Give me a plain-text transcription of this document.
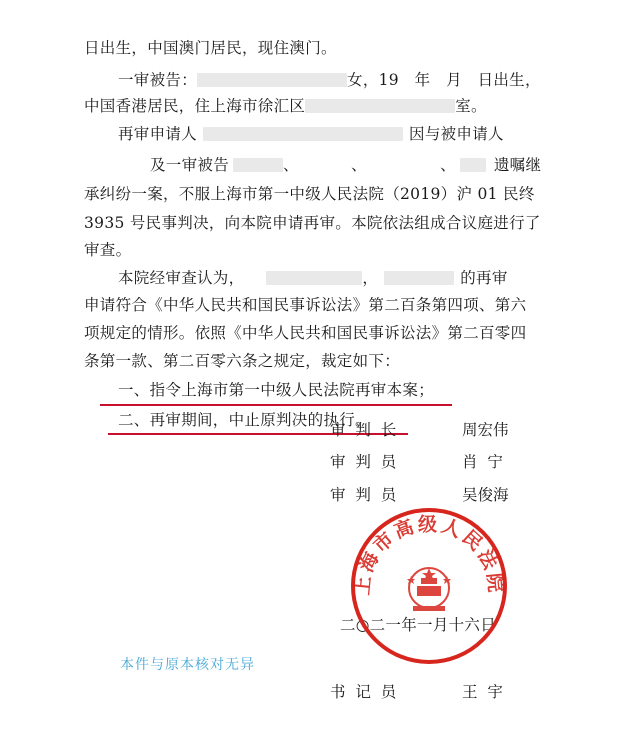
日出生，中国澳门居民，现住澳门。
一审被告：	女，19   年   月   日出生，
中国香港居民，住上海市徐汇区	室。
再审申请人	因与被申请人
及一审被告	、          、              、 遗嘱继
承纠纷一案，不服上海市第一中级人民法院（2019）沪 01 民终
3935 号民事判决，向本院申请再审。本院依法组成合议庭进行了
审查。
本院经审查认为，	，	的再审
申请符合《中华人民共和国民事诉讼法》第二百条第四项、第六
项规定的情形。依照《中华人民共和国民事诉讼法》第二百零四
条第一款、第二百零六条之规定，裁定如下：
一、指令上海市第一中级人民法院再审本案；
二、再审期间，中止原判决的执行。
审  判  长	周宏伟
审  判  员	肖  宁
审  判  员	吴俊海
二○二一年一月十六日
上海市高级人民法院
本件与原本核对无异
书  记  员	王  宇
